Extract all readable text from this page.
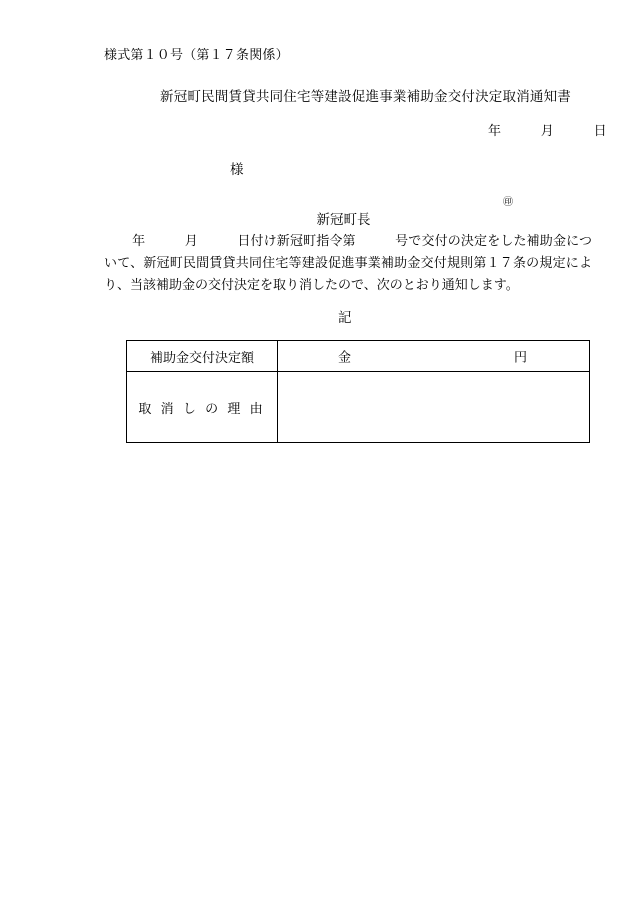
様式第１０号（第１７条関係）
新冠町民間賃貸共同住宅等建設促進事業補助金交付決定取消通知書
年　　　月　　　日
様

新冠町長

㊞

年　　　月　　　日付け新冠町指令第　　　号で交付の決定をした補助金について、新冠町民間賃貸共同住宅等建設促進事業補助金交付規則第１７条の規定により、当該補助金の交付決定を取り消したので、次のとおり通知します。
記
補助金交付決定額	金 円

取 消 し の 理 由	
